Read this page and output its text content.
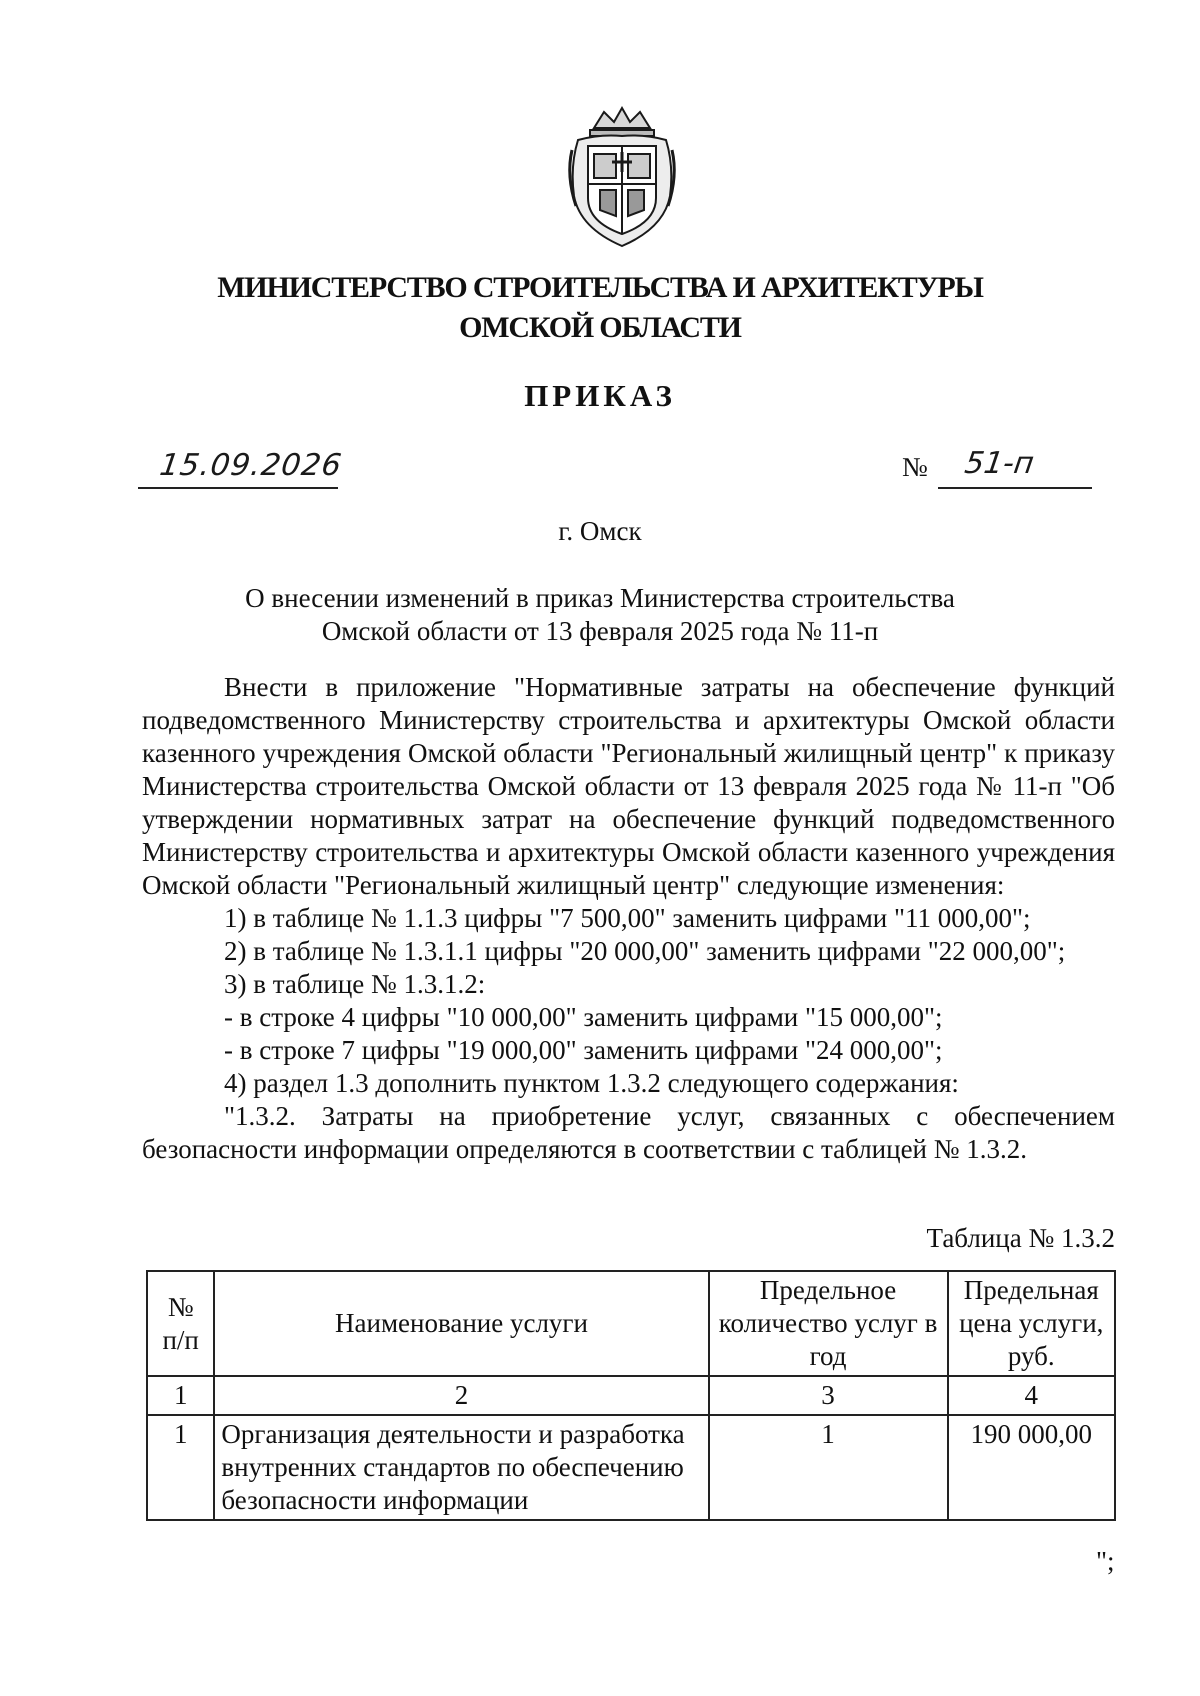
МИНИСТЕРСТВО СТРОИТЕЛЬСТВА И АРХИТЕКТУРЫ
ОМСКОЙ ОБЛАСТИ
ПРИКАЗ
15.09.2026	№ 51-п
г. Омск
О внесении изменений в приказ Министерства строительства
Омской области от 13 февраля 2025 года № 11-п

Внести в приложение "Нормативные затраты на обеспечение функций подведомственного Министерству строительства и архитектуры Омской области казенного учреждения Омской области "Региональный жилищный центр" к приказу Министерства строительства Омской области от 13 февраля 2025 года № 11-п "Об утверждении нормативных затрат на обеспечение функций подведомственного Министерству строительства и архитектуры Омской области казенного учреждения Омской области "Региональный жилищный центр" следующие изменения:

1) в таблице № 1.1.3 цифры "7 500,00" заменить цифрами "11 000,00";

2) в таблице № 1.3.1.1 цифры "20 000,00" заменить цифрами "22 000,00";

3) в таблице № 1.3.1.2:

- в строке 4 цифры "10 000,00" заменить цифрами "15 000,00";

- в строке 7 цифры "19 000,00" заменить цифрами "24 000,00";

4) раздел 1.3 дополнить пунктом 1.3.2 следующего содержания:

"1.3.2. Затраты на приобретение услуг, связанных с обеспечением безопасности информации определяются в соответствии с таблицей № 1.3.2.

Таблица № 1.3.2
№ п/п	Наименование услуги	Предельное количество услуг в год	Предельная цена услуги, руб.
1	2	3	4
1	Организация деятельности и разработка внутренних стандартов по обеспечению безопасности информации	1	190 000,00
";
